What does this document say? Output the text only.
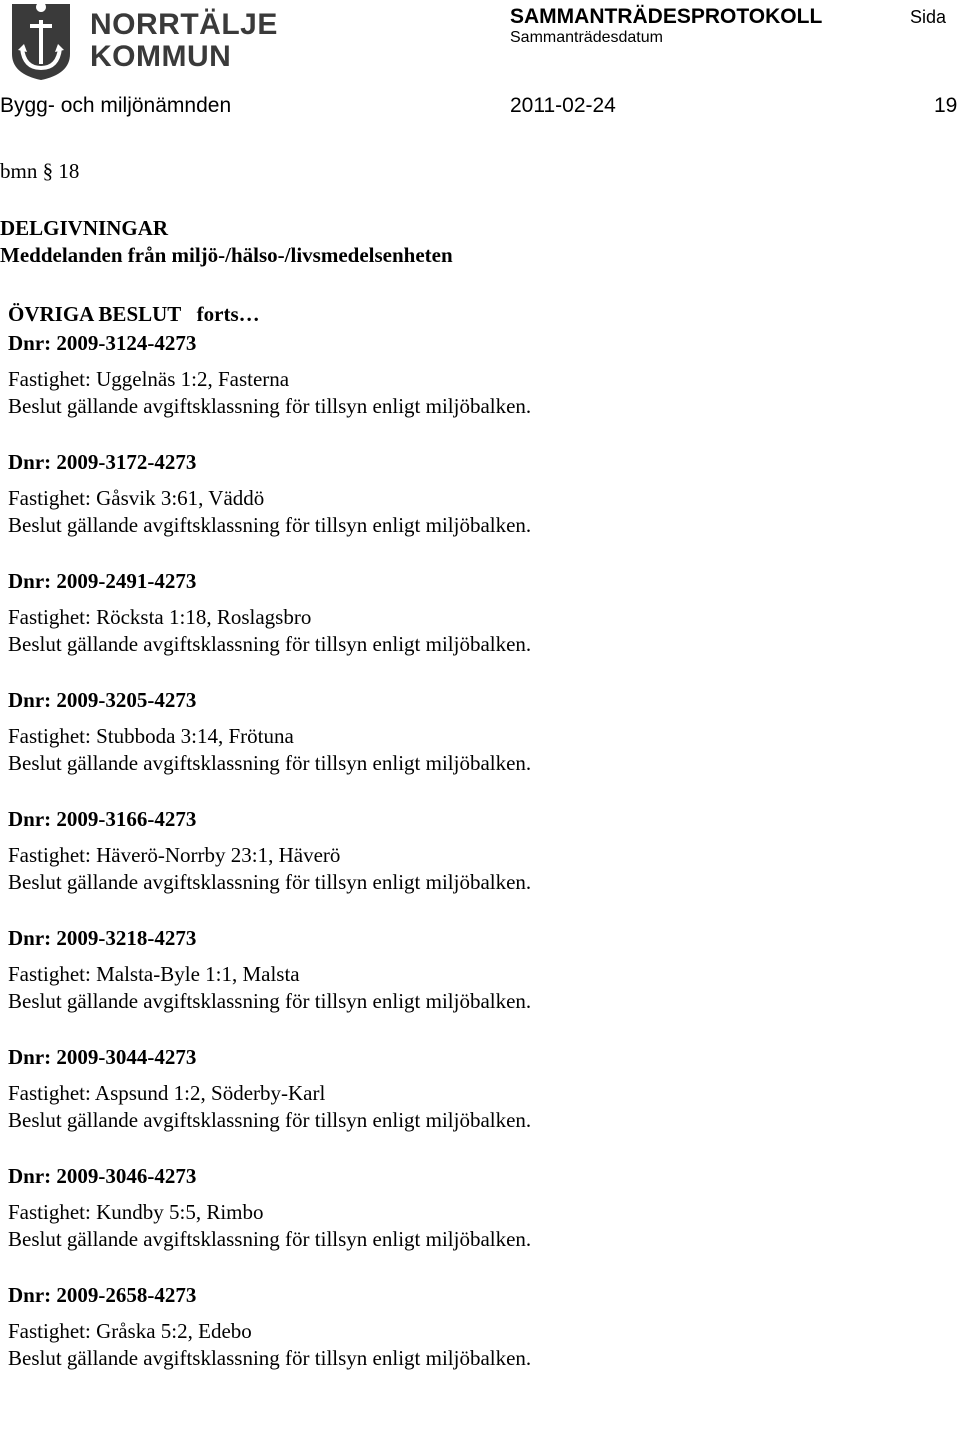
NORRTÄLJE
KOMMUN
SAMMANTRÄDESPROTOKOLL	Sida
Sammanträdesdatum
Bygg- och miljönämnden	2011-02-24	19
bmn § 18
DELGIVNINGAR
Meddelanden från miljö-/hälso-/livsmedelsenheten
ÖVRIGA BESLUT   forts…
Dnr: 2009-3124-4273
Fastighet: Uggelnäs 1:2, Fasterna
Beslut gällande avgiftsklassning för tillsyn enligt miljöbalken.
Dnr: 2009-3172-4273
Fastighet: Gåsvik 3:61, Väddö
Beslut gällande avgiftsklassning för tillsyn enligt miljöbalken.
Dnr: 2009-2491-4273
Fastighet: Röcksta 1:18, Roslagsbro
Beslut gällande avgiftsklassning för tillsyn enligt miljöbalken.
Dnr: 2009-3205-4273
Fastighet: Stubboda 3:14, Frötuna
Beslut gällande avgiftsklassning för tillsyn enligt miljöbalken.
Dnr: 2009-3166-4273
Fastighet: Häverö-Norrby 23:1, Häverö
Beslut gällande avgiftsklassning för tillsyn enligt miljöbalken.
Dnr: 2009-3218-4273
Fastighet: Malsta-Byle 1:1, Malsta
Beslut gällande avgiftsklassning för tillsyn enligt miljöbalken.
Dnr: 2009-3044-4273
Fastighet: Aspsund 1:2, Söderby-Karl
Beslut gällande avgiftsklassning för tillsyn enligt miljöbalken.
Dnr: 2009-3046-4273
Fastighet: Kundby 5:5, Rimbo
Beslut gällande avgiftsklassning för tillsyn enligt miljöbalken.
Dnr: 2009-2658-4273
Fastighet: Gråska 5:2, Edebo
Beslut gällande avgiftsklassning för tillsyn enligt miljöbalken.
